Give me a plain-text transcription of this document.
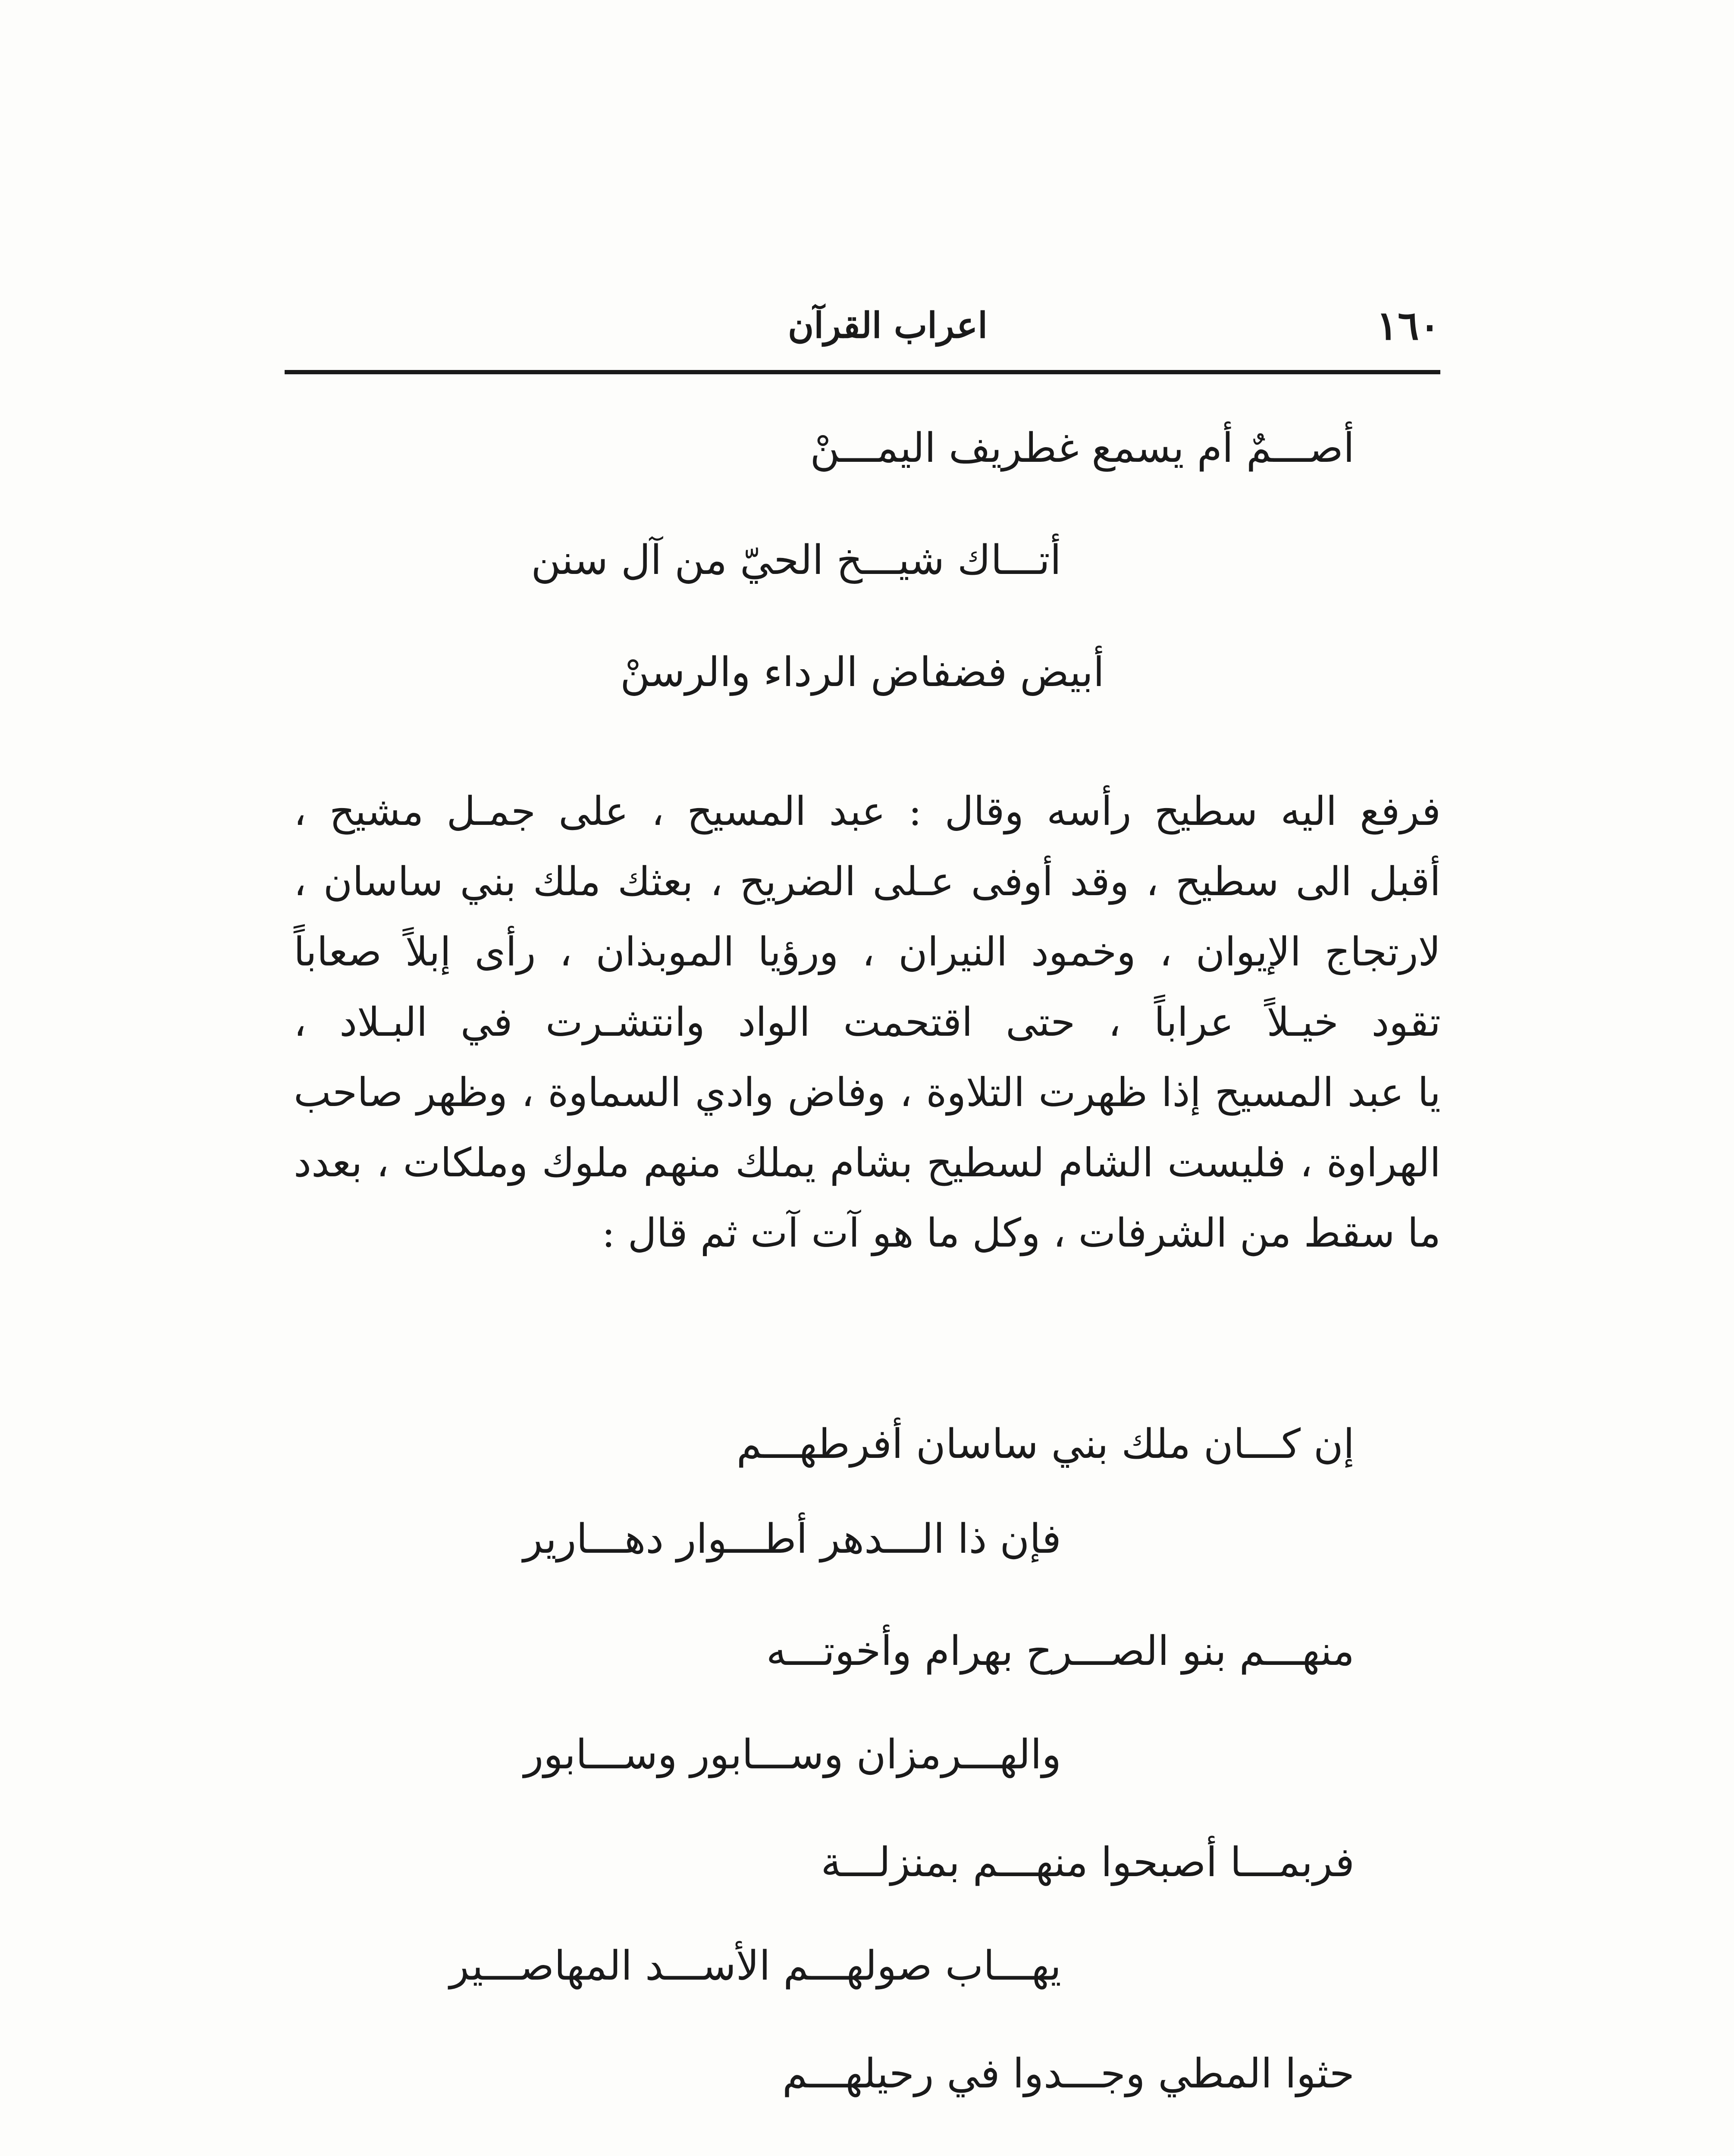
١٦٠
اعراب القرآن
أصـــمٌ أم يسمع غطريف اليمـــنْ
أتـــاك شيـــخ الحيّ من آل سنن
أبيض فضفاض الرداء والرسنْ
فرفع اليه سطيح رأسه وقال : عبد المسيح ، على جمـل مشيح ،
أقبل الى سطيح ، وقد أوفى عـلى الضريح ، بعثك ملك بني ساسان ،
لارتجاج الإيوان ، وخمود النيران ، ورؤيا الموبذان ، رأى إبلاً صعاباً
تقود خيـلاً عراباً ، حتى اقتحمت الواد وانتشـرت في البـلاد ،
يا عبد المسيح إذا ظهرت التلاوة ، وفاض وادي السماوة ، وظهر صاحب
الهراوة ، فليست الشام لسطيح بشام يملك منهم ملوك وملكات ، بعدد
ما سقط من الشرفات ، وكل ما هو آت آت ثم قال :
إن كـــان ملك بني ساسان أفرطهـــم
فإن ذا الـــدهر أطـــوار دهـــارير
منهـــم بنو الصـــرح بهرام وأخوتـــه
والهـــرمزان وســـابور وســـابور
فربمـــا أصبحوا منهـــم بمنزلـــة
يهـــاب صولهـــم الأســـد المهاصـــير
حثوا المطي وجـــدوا في رحيلهـــم
